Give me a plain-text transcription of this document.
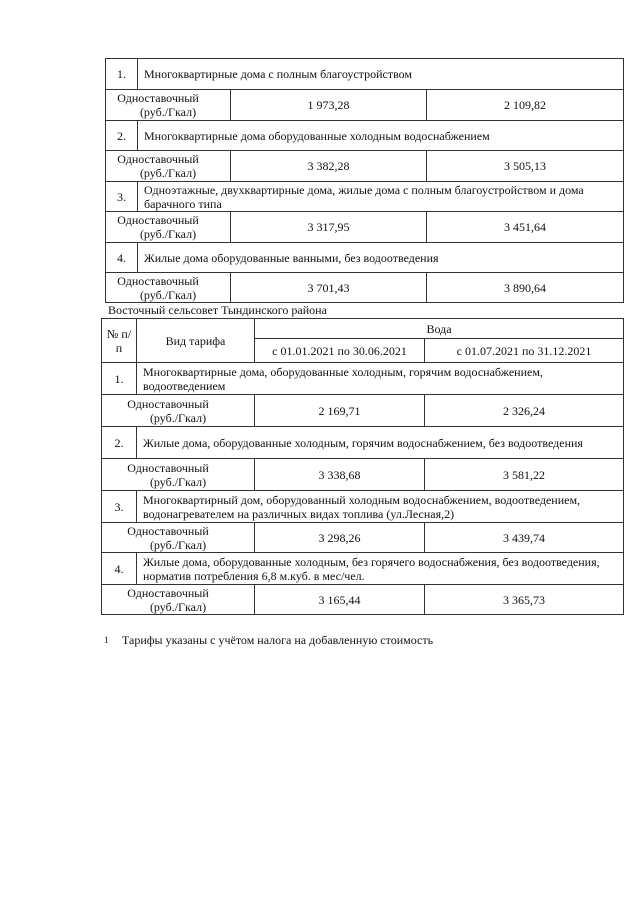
1.	Многоквартирные дома с полным благоустройством		

Одноставочный
(руб./Гкал)		1 973,28	2 109,82
2.	Многоквартирные дома оборудованные холодным водоснабжением		

Одноставочный
(руб./Гкал)		3 382,28	3 505,13
3.	Одноэтажные, двухквартирные дома, жилые дома с полным благоустройством и дома барачного типа		

Одноставочный
(руб./Гкал)		3 317,95	3 451,64
4.	Жилые дома оборудованные ванными, без водоотведения		

Одноставочный
(руб./Гкал)		3 701,43	3 890,64
Восточный сельсовет Тындинского района
№ п/п	Вид тарифа	Вода	
		с 01.01.2021 по 30.06.2021	с 01.07.2021 по 31.12.2021
1.	Многоквартирные дома, оборудованные холодным, горячим водоснабжением, водоотведением		

Одноставочный
(руб./Гкал)		2 169,71	2 326,24
2.	Жилые дома, оборудованные холодным, горячим водоснабжением, без водоотведения		

Одноставочный
(руб./Гкал)		3 338,68	3 581,22
3.	Многоквартирный дом, оборудованный холодным водоснабжением, водоотведением, водонагревателем на различных видах топлива (ул.Лесная,2)		

Одноставочный
(руб./Гкал)		3 298,26	3 439,74
4.	Жилые дома, оборудованные холодным, без горячего водоснабжения, без водоотведения, норматив потребления 6,8 м.куб. в мес/чел.		

Одноставочный
(руб./Гкал)		3 165,44	3 365,73
1 Тарифы указаны с учётом налога на добавленную стоимость
